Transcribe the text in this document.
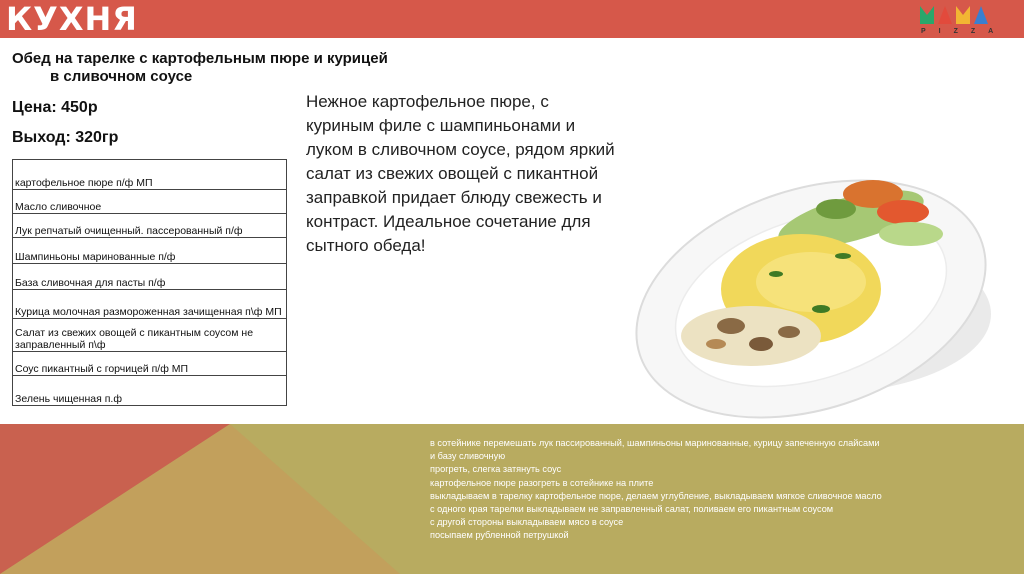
КУХНЯ	PIZZA
Обед на тарелке с картофельным пюре и курицей
в сливочном соусе
Цена: 450р
Выход: 320гр
картофельное пюре п/ф МП
Масло сливочное
Лук репчатый очищенный. пассерованный п/ф
Шампиньоны маринованные п/ф
База сливочная для пасты п/ф
Курица молочная размороженная зачищенная п\ф МП
Салат из свежих овощей с пикантным соусом не заправленный п\ф
Соус пикантный с горчицей п/ф МП
Зелень чищенная п.ф
Нежное картофельное пюре, с куриным филе с шампиньонами и луком в сливочном соусе, рядом яркий салат из свежих овощей с пикантной заправкой придает блюду свежесть и контраст. Идеальное сочетание для сытного обеда!
в сотейнике перемешать лук пассированный, шампиньоны маринованные, курицу запеченную слайсами
и базу сливочную
прогреть, слегка затянуть соус
картофельное пюре разогреть в сотейнике на плите
выкладываем в тарелку картофельное пюре, делаем углубление, выкладываем мягкое сливочное масло
с одного края тарелки выкладываем не заправленный салат, поливаем его пикантным соусом
с другой стороны выкладываем мясо в соусе
посыпаем рубленной петрушкой
